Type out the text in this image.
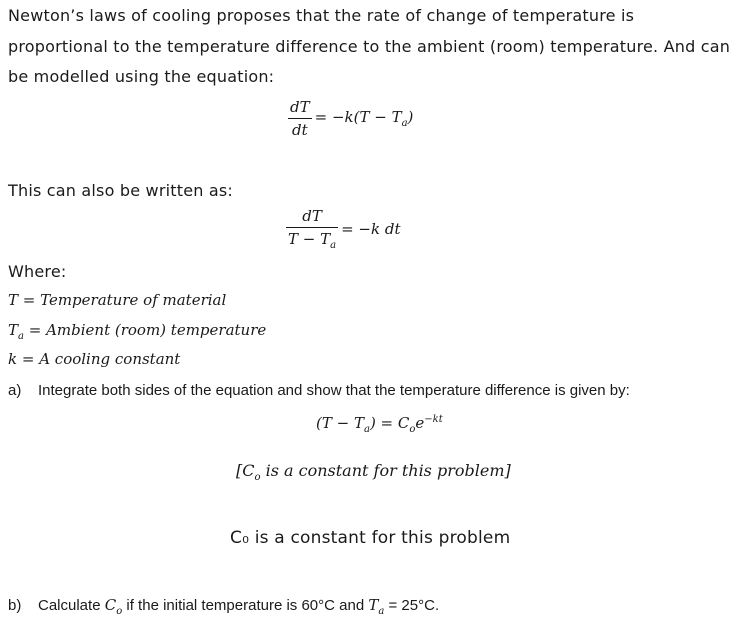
Newton’s laws of cooling proposes that the rate of change of temperature is
proportional to the temperature difference to the ambient (room) temperature. And can
be modelled using the equation:
$\frac{dT}{dt} = -k(T - T_a)$
This can also be written as:
$\frac{dT}{T - T_a} = -k$ dt
Where:
T = Temperature of material
$T_a$ = Ambient (room) temperature
k = A cooling constant
a) Integrate both sides of the equation and show that the temperature difference is given by:
$(T - T_a) = C_oe^{-kt}$
[$C_o$ is a constant for this problem]
C₀ is a constant for this problem
b) Calculate $C_o$ if the initial temperature is 60°C and $T_a = 25^\circ C$.
